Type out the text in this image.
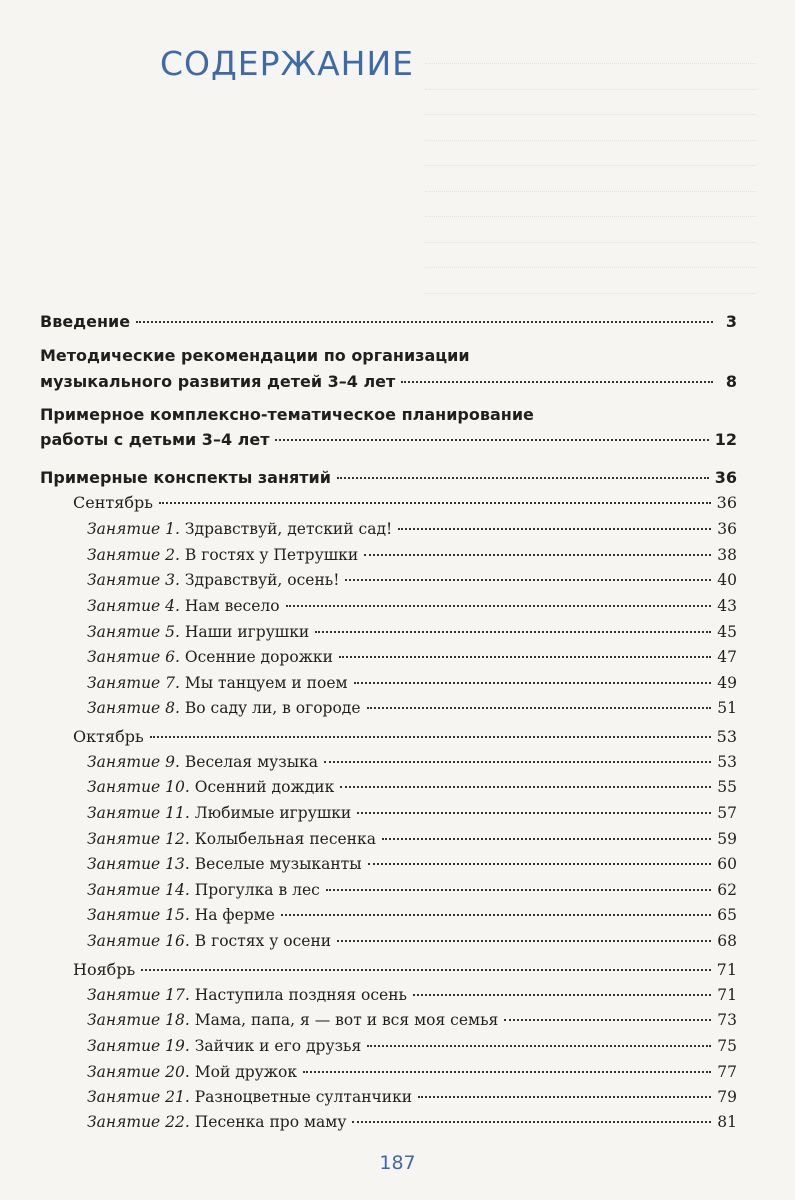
СОДЕРЖАНИЕ
Введение	3
Методические рекомендации по организации
музыкального развития детей 3–4 лет	8
Примерное комплексно-тематическое планирование
работы с детьми 3–4 лет	12
Примерные конспекты занятий	36
Сентябрь	36
Занятие 1. Здравствуй, детский сад!	36
Занятие 2. В гостях у Петрушки	38
Занятие 3. Здравствуй, осень!	40
Занятие 4. Нам весело	43
Занятие 5. Наши игрушки	45
Занятие 6. Осенние дорожки	47
Занятие 7. Мы танцуем и поем	49
Занятие 8. Во саду ли, в огороде	51
Октябрь	53
Занятие 9. Веселая музыка	53
Занятие 10. Осенний дождик	55
Занятие 11. Любимые игрушки	57
Занятие 12. Колыбельная песенка	59
Занятие 13. Веселые музыканты	60
Занятие 14. Прогулка в лес	62
Занятие 15. На ферме	65
Занятие 16. В гостях у осени	68
Ноябрь	71
Занятие 17. Наступила поздняя осень	71
Занятие 18. Мама, папа, я — вот и вся моя семья	73
Занятие 19. Зайчик и его друзья	75
Занятие 20. Мой дружок	77
Занятие 21. Разноцветные султанчики	79
Занятие 22. Песенка про маму	81
187
